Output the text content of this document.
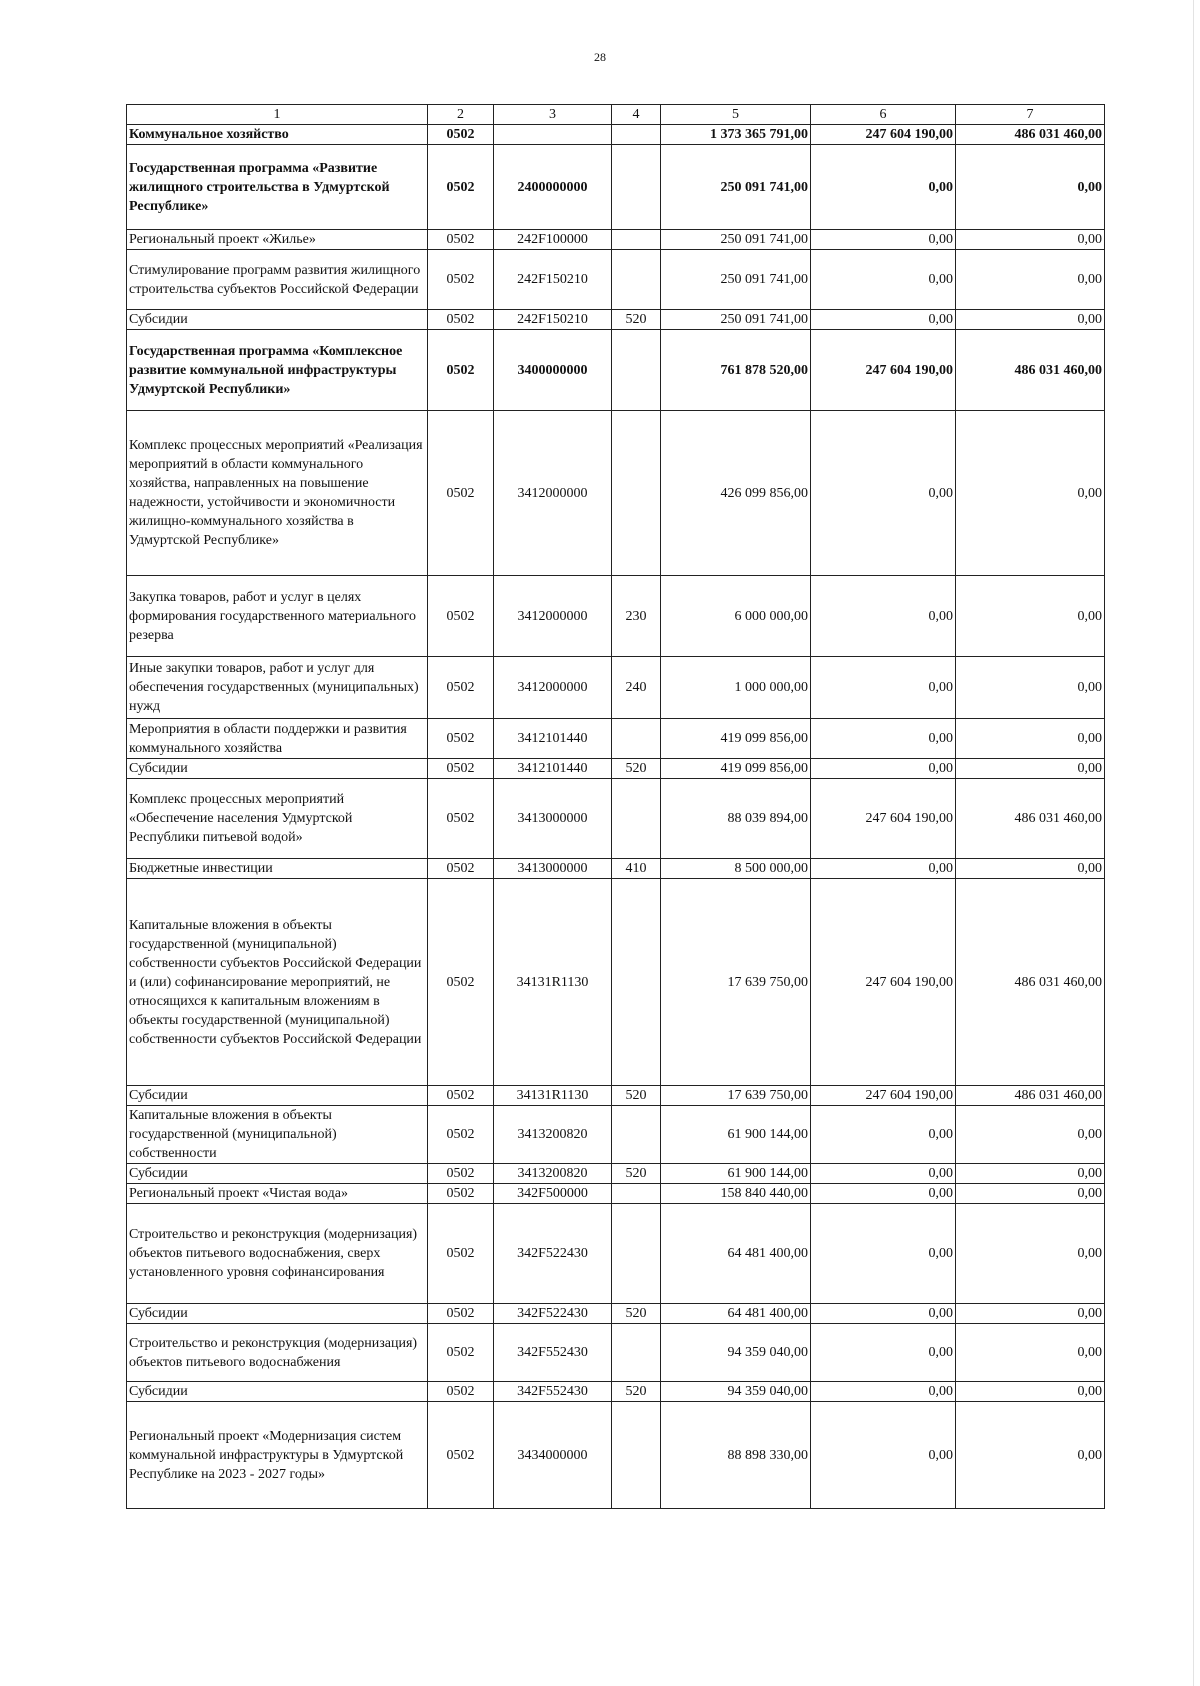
28
1	2	3	4	5	6	7
Коммунальное хозяйство	0502			1 373 365 791,00	247 604 190,00	486 031 460,00
Государственная программа «Развитие жилищного строительства в Удмуртской Республике»	0502	2400000000		250 091 741,00	0,00	0,00
Региональный проект «Жилье»	0502	242F100000		250 091 741,00	0,00	0,00
Стимулирование программ развития жилищного строительства субъектов Российской Федерации	0502	242F150210		250 091 741,00	0,00	0,00
Субсидии	0502	242F150210	520	250 091 741,00	0,00	0,00
Государственная программа «Комплексное развитие коммунальной инфраструктуры Удмуртской Республики»	0502	3400000000		761 878 520,00	247 604 190,00	486 031 460,00
Комплекс процессных мероприятий «Реализация мероприятий в области коммунального хозяйства, направленных на повышение надежности, устойчивости и экономичности жилищно-коммунального хозяйства в Удмуртской Республике»	0502	3412000000		426 099 856,00	0,00	0,00
Закупка товаров, работ и услуг в целях формирования государственного материального резерва	0502	3412000000	230	6 000 000,00	0,00	0,00
Иные закупки товаров, работ и услуг для обеспечения государственных (муниципальных) нужд	0502	3412000000	240	1 000 000,00	0,00	0,00
Мероприятия в области поддержки и развития коммунального хозяйства	0502	3412101440		419 099 856,00	0,00	0,00
Субсидии	0502	3412101440	520	419 099 856,00	0,00	0,00
Комплекс процессных мероприятий «Обеспечение населения Удмуртской Республики питьевой водой»	0502	3413000000		88 039 894,00	247 604 190,00	486 031 460,00
Бюджетные инвестиции	0502	3413000000	410	8 500 000,00	0,00	0,00
Капитальные вложения в объекты государственной (муниципальной) собственности субъектов Российской Федерации и (или) софинансирование мероприятий, не относящихся к капитальным вложениям в объекты государственной (муниципальной) собственности субъектов Российской Федерации	0502	34131R1130		17 639 750,00	247 604 190,00	486 031 460,00
Субсидии	0502	34131R1130	520	17 639 750,00	247 604 190,00	486 031 460,00
Капитальные вложения в объекты государственной (муниципальной) собственности	0502	3413200820		61 900 144,00	0,00	0,00
Субсидии	0502	3413200820	520	61 900 144,00	0,00	0,00
Региональный проект «Чистая вода»	0502	342F500000		158 840 440,00	0,00	0,00
Строительство и реконструкция (модернизация) объектов питьевого водоснабжения, сверх установленного уровня софинансирования	0502	342F522430		64 481 400,00	0,00	0,00
Субсидии	0502	342F522430	520	64 481 400,00	0,00	0,00
Строительство и реконструкция (модернизация) объектов питьевого водоснабжения	0502	342F552430		94 359 040,00	0,00	0,00
Субсидии	0502	342F552430	520	94 359 040,00	0,00	0,00
Региональный проект «Модернизация систем коммунальной инфраструктуры в Удмуртской Республике на 2023 - 2027 годы»	0502	3434000000		88 898 330,00	0,00	0,00
